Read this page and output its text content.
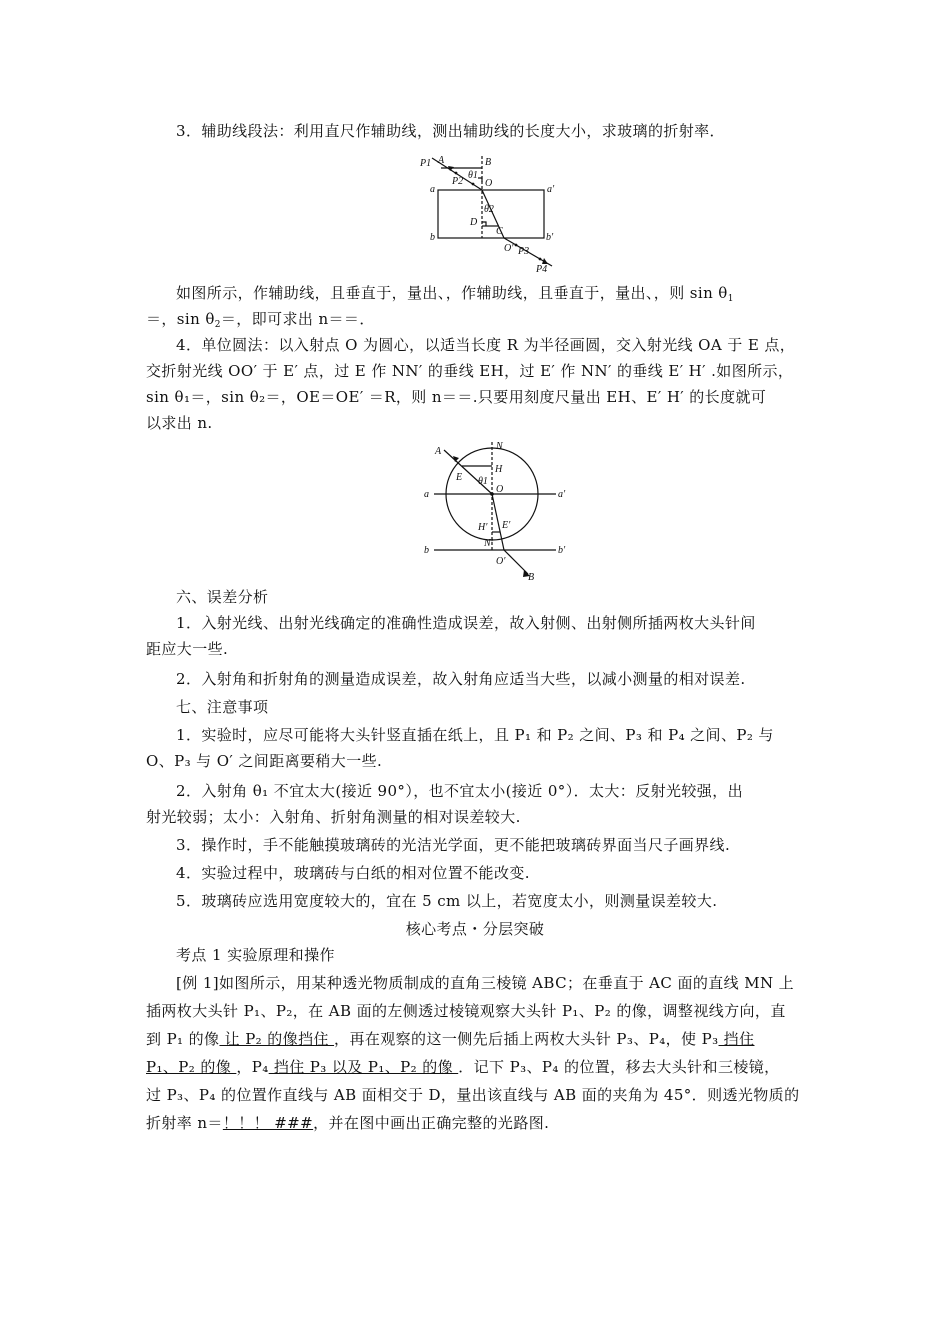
3．辅助线段法：利用直尺作辅助线，测出辅助线的长度大小，求玻璃的折射率．
P1 A	B
P2
θ1
O
a	a′
θ2
D
C
b
O′ P3
b′
P4
如图所示，作辅助线，且垂直于，量出、，作辅助线，且垂直于，量出、，则 $\sin \theta_1$
＝，$\sin \theta_2=$，即可求出 n＝＝．
4．单位圆法：以入射点 O 为圆心，以适当长度 R 为半径画圆，交入射光线 OA 于 E 点，
交折射光线 OO′ 于 E′ 点，过 E 作 NN′ 的垂线 EH，过 E′ 作 NN′ 的垂线 E′ H′ .如图所示，
sin θ₁＝，sin θ₂＝，OE＝OE′ ＝R，则 n＝＝.只要用刻度尺量出 EH、E′ H′ 的长度就可
以求出 n.
A	N
H
E θ1
O
a	a′
H′ E′
N′
b	b′
O′
B
六、误差分析
1．入射光线、出射光线确定的准确性造成误差，故入射侧、出射侧所插两枚大头针间
距应大一些.
2．入射角和折射角的测量造成误差，故入射角应适当大些，以减小测量的相对误差.
七、注意事项
1．实验时，应尽可能将大头针竖直插在纸上，且 P₁ 和 P₂ 之间、P₃ 和 P₄ 之间、P₂ 与
O、P₃ 与 O′ 之间距离要稍大一些.
2．入射角 θ₁ 不宜太大(接近 90°），也不宜太小(接近 0°）．太大：反射光较强，出
射光较弱；太小：入射角、折射角测量的相对误差较大.
3．操作时，手不能触摸玻璃砖的光洁光学面，更不能把玻璃砖界面当尺子画界线.
4．实验过程中，玻璃砖与白纸的相对位置不能改变.
5．玻璃砖应选用宽度较大的，宜在 5 cm 以上，若宽度太小，则测量误差较大.
核心考点・分层突破
考点 1 实验原理和操作
[例 1]如图所示，用某种透光物质制成的直角三棱镜 ABC；在垂直于 AC 面的直线 MN 上
插两枚大头针 P₁、P₂，在 AB 面的左侧透过棱镜观察大头针 P₁、P₂ 的像，调整视线方向，直
到 P₁ 的像 让 P₂ 的像挡住 ，再在观察的这一侧先后插上两枚大头针 P₃、P₄，使 P₃ 挡住
P₁、P₂ 的像 ，P₄ 挡住 P₃ 以及 P₁、P₂ 的像 ．记下 P₃、P₄ 的位置，移去大头针和三棱镜，
过 P₃、P₄ 的位置作直线与 AB 面相交于 D，量出该直线与 AB 面的夹角为 45°．则透光物质的
折射率 n＝！！！ ###，并在图中画出正确完整的光路图.
